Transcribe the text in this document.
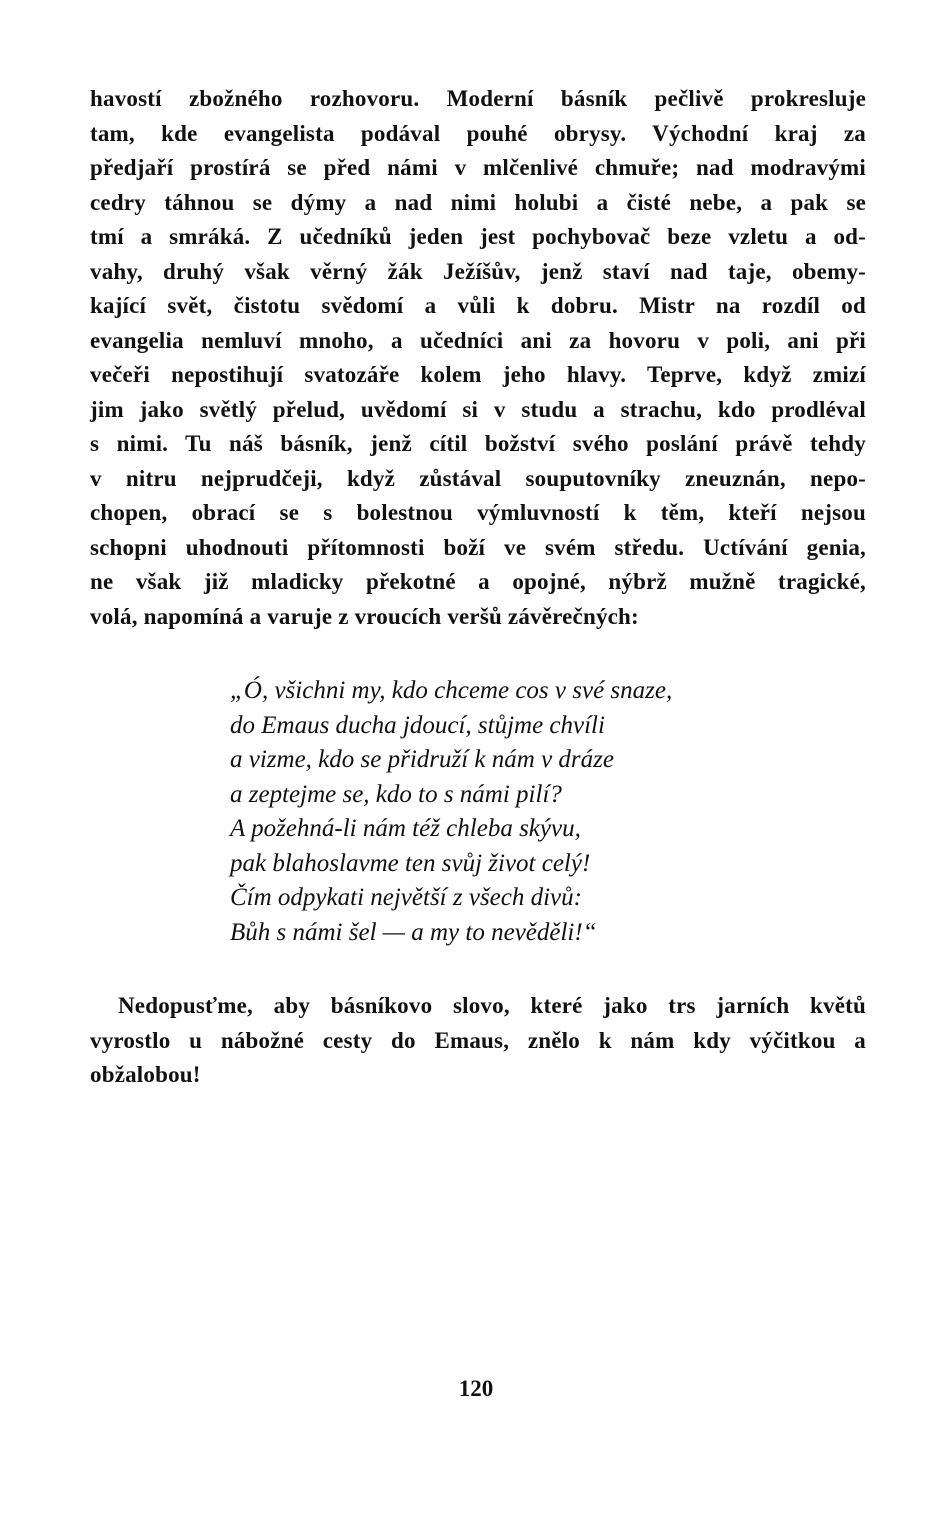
havostí zbožného rozhovoru. Moderní básník pečlivě prokresluje
tam, kde evangelista podával pouhé obrysy. Východní kraj za
předjaří prostírá se před námi v mlčenlivé chmuře; nad modravými
cedry táhnou se dýmy a nad nimi holubi a čisté nebe, a pak se
tmí a smráká. Z učedníků jeden jest pochybovač beze vzletu a od-
vahy, druhý však věrný žák Ježíšův, jenž staví nad taje, obemy-
kající svět, čistotu svědomí a vůli k dobru. Mistr na rozdíl od
evangelia nemluví mnoho, a učedníci ani za hovoru v poli, ani při
večeři nepostihují svatozáře kolem jeho hlavy. Teprve, když zmizí
jim jako světlý přelud, uvědomí si v studu a strachu, kdo prodléval
s nimi. Tu náš básník, jenž cítil božství svého poslání právě tehdy
v nitru nejprudčeji, když zůstával souputovníky zneuznán, nepo-
chopen, obrací se s bolestnou výmluvností k těm, kteří nejsou
schopni uhodnouti přítomnosti boží ve svém středu. Uctívání genia,
ne však již mladicky překotné a opojné, nýbrž mužně tragické,
volá, napomíná a varuje z vroucích veršů závěrečných:
„Ó, všichni my, kdo chceme cos v své snaze,
do Emaus ducha jdoucí, stůjme chvíli
a vizme, kdo se přidruží k nám v dráze
a zeptejme se, kdo to s námi pilí?
A požehná-li nám též chleba skývu,
pak blahoslavme ten svůj život celý!
Čím odpykati největší z všech divů:
Bůh s námi šel — a my to nevěděli!“
Nedopusťme, aby básníkovo slovo, které jako trs jarních květů
vyrostlo u nábožné cesty do Emaus, znělo k nám kdy výčitkou a
obžalobou!
120
